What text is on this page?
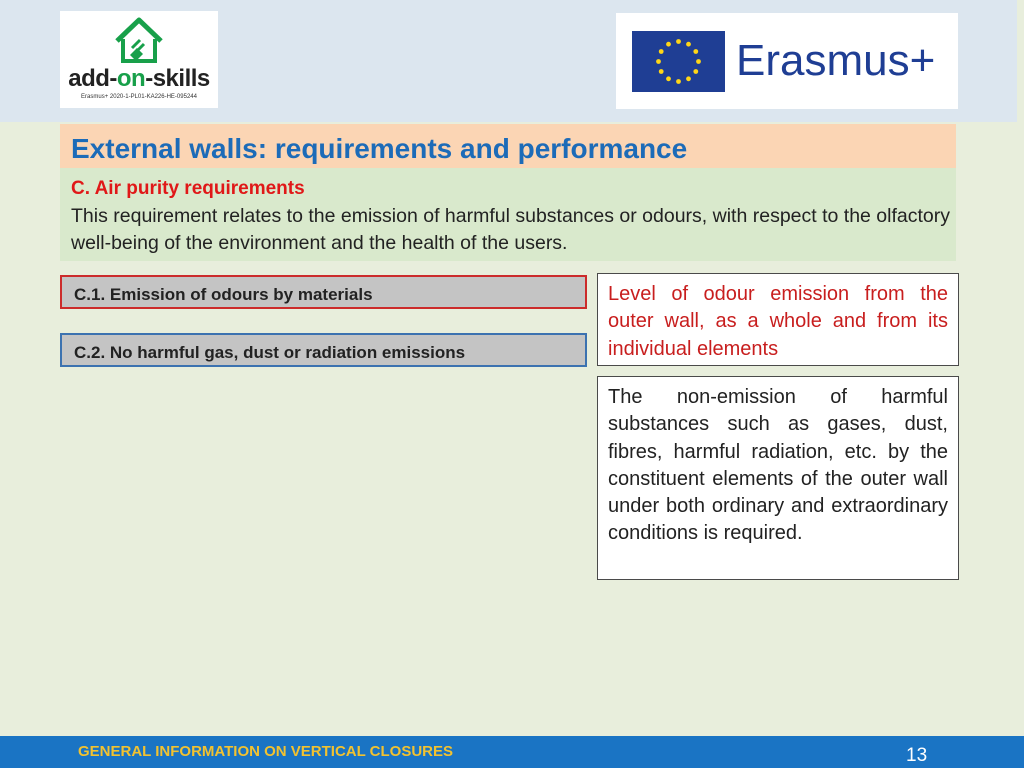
add-on-skills
Erasmus+ 2020-1-PL01-KA226-HE-095244
Erasmus+
External walls: requirements and performance
C. Air purity requirements
This requirement relates to the emission of harmful substances or odours, with respect to the olfactory well-being of the environment and the health of the users.
C.1. Emission of odours by materials
C.2. No harmful gas, dust or radiation emissions
Level of odour emission from the outer wall, as a whole and from its individual elements
The non-emission of harmful substances such as gases, dust, fibres, harmful radiation, etc. by the constituent elements of the outer wall under both ordinary and extraordinary conditions is required.
GENERAL INFORMATION ON VERTICAL CLOSURES	13
